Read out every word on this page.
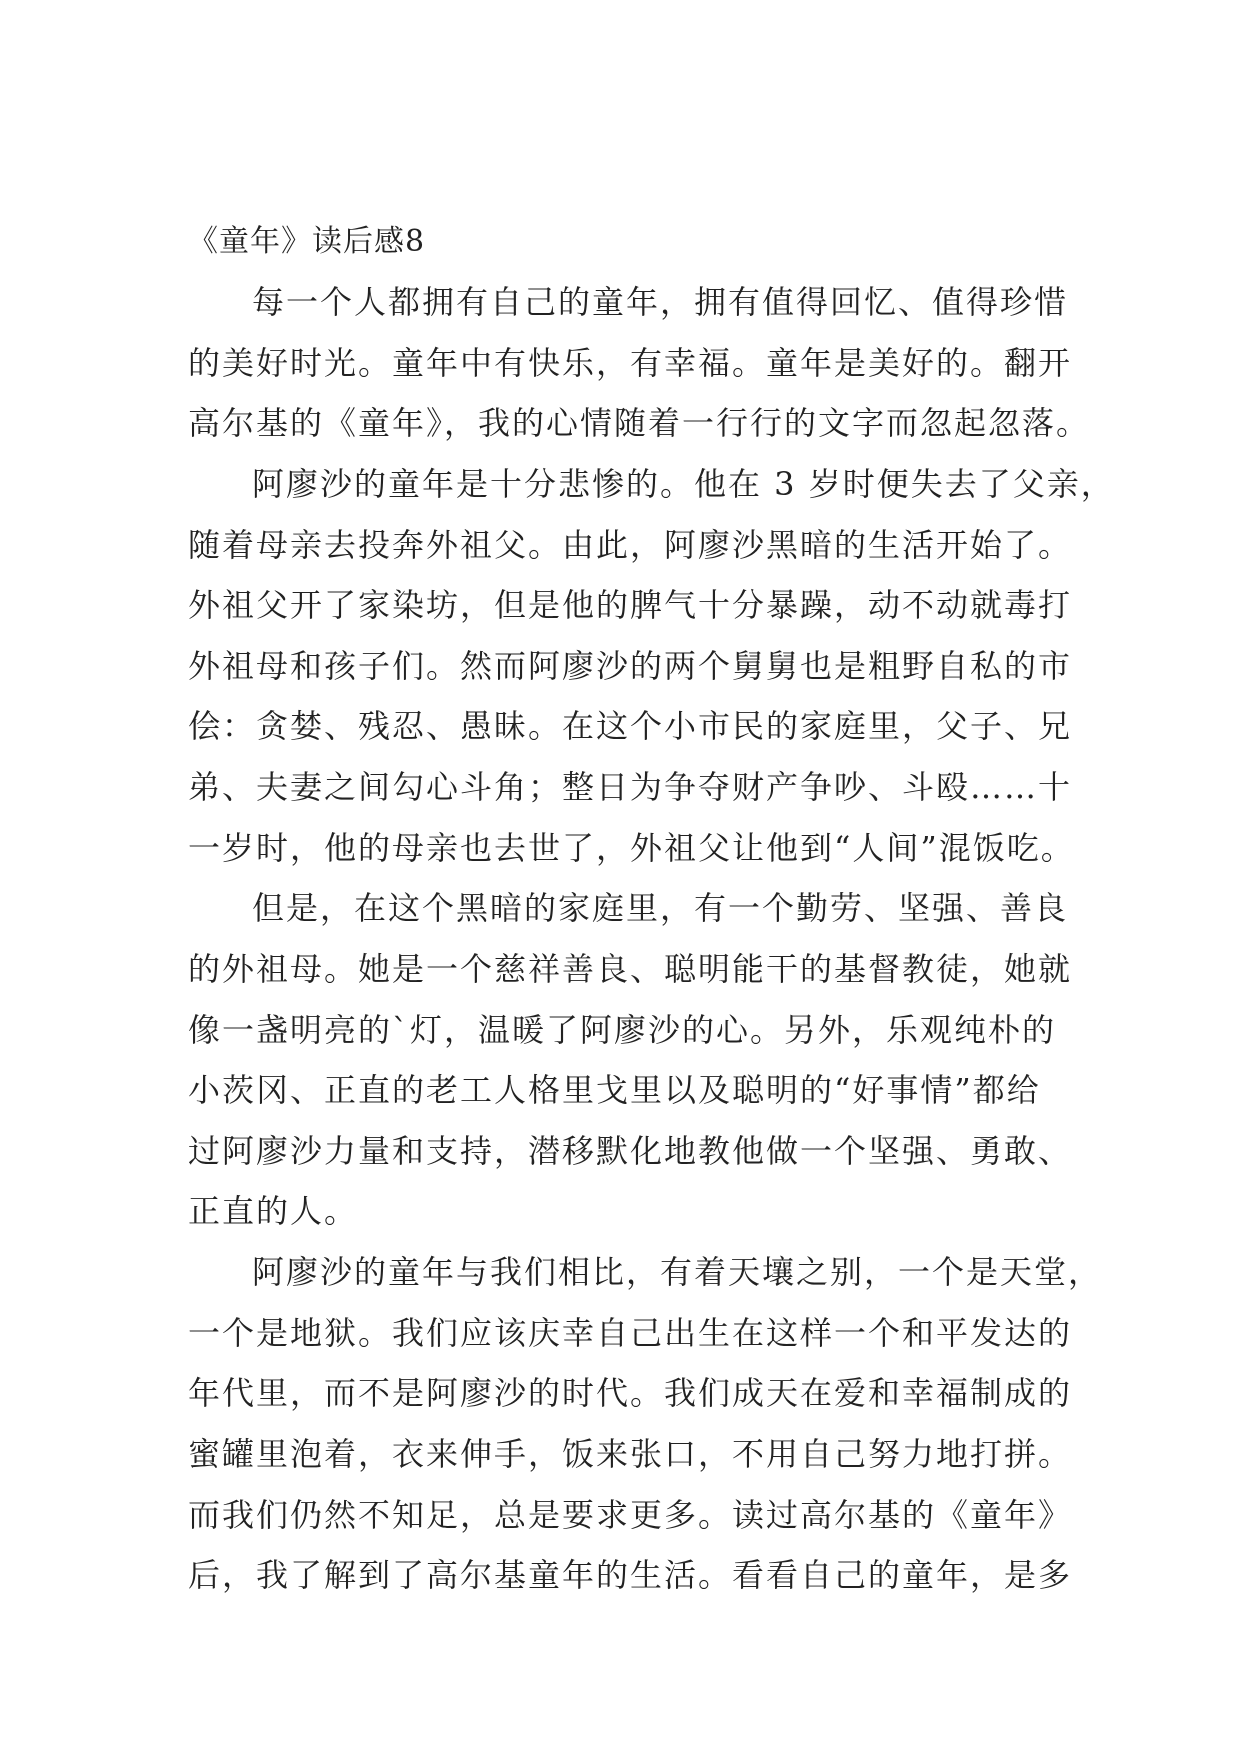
《童年》读后感8
每一个人都拥有自己的童年，拥有值得回忆、值得珍惜
的美好时光。童年中有快乐，有幸福。童年是美好的。翻开
高尔基的《童年》，我的心情随着一行行的文字而忽起忽落。
阿廖沙的童年是十分悲惨的。他在 3 岁时便失去了父亲，
随着母亲去投奔外祖父。由此，阿廖沙黑暗的生活开始了。
外祖父开了家染坊，但是他的脾气十分暴躁，动不动就毒打
外祖母和孩子们。然而阿廖沙的两个舅舅也是粗野自私的市
侩：贪婪、残忍、愚昧。在这个小市民的家庭里，父子、兄
弟、夫妻之间勾心斗角；整日为争夺财产争吵、斗殴……十
一岁时，他的母亲也去世了，外祖父让他到“人间”混饭吃。
但是，在这个黑暗的家庭里，有一个勤劳、坚强、善良
的外祖母。她是一个慈祥善良、聪明能干的基督教徒，她就
像一盏明亮的`灯，温暖了阿廖沙的心。另外，乐观纯朴的
小茨冈、正直的老工人格里戈里以及聪明的“好事情”都给
过阿廖沙力量和支持，潜移默化地教他做一个坚强、勇敢、
正直的人。
阿廖沙的童年与我们相比，有着天壤之别，一个是天堂，
一个是地狱。我们应该庆幸自己出生在这样一个和平发达的
年代里，而不是阿廖沙的时代。我们成天在爱和幸福制成的
蜜罐里泡着，衣来伸手，饭来张口，不用自己努力地打拼。
而我们仍然不知足，总是要求更多。读过高尔基的《童年》
后，我了解到了高尔基童年的生活。看看自己的童年，是多
